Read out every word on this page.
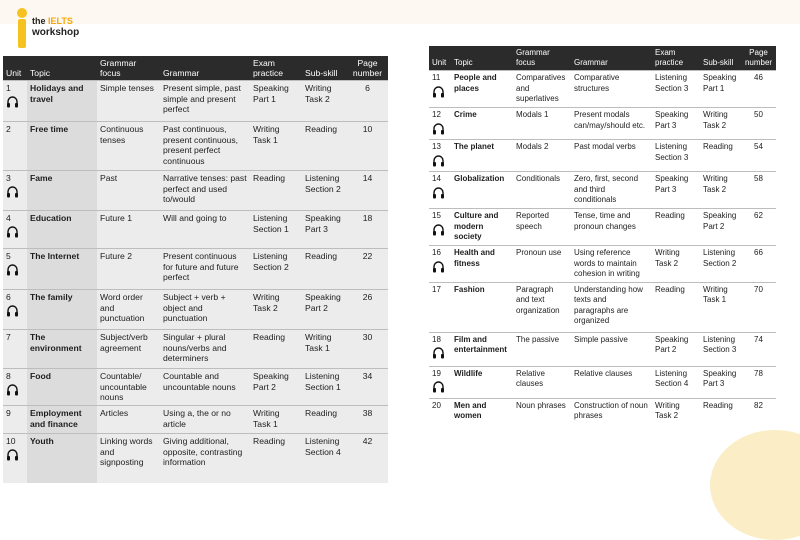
the IELTS
workshop
Unit	Topic	Grammar focus	Grammar	Exam practice	Sub-skill	Page number
1	Holidays and travel	Simple tenses	Present simple, past simple and present perfect	Speaking Part 1	Writing Task 2	6
2	Free time	Continuous tenses	Past continuous, present continuous, present perfect continuous	Writing Task 1	Reading	10
3	Fame	Past	Narrative tenses: past perfect and used to/would	Reading	Listening Section 2	14
4	Education	Future 1	Will and going to	Listening Section 1	Speaking Part 3	18
5	The Internet	Future 2	Present continuous for future and future perfect	Listening Section 2	Reading	22
6	The family	Word order and punctuation	Subject + verb + object and punctuation	Writing Task 2	Speaking Part 2	26
7	The environment	Subject/verb agreement	Singular + plural nouns/verbs and determiners	Reading	Writing Task 1	30
8	Food	Countable/ uncountable nouns	Countable and uncountable nouns	Speaking Part 2	Listening Section 1	34
9	Employment and finance	Articles	Using a, the or no article	Writing Task 1	Reading	38
10	Youth	Linking words and signposting	Giving additional, opposite, contrasting information	Reading	Listening Section 4	42
Unit	Topic	Grammar focus	Grammar	Exam practice	Sub-skill	Page number
11	People and places	Comparatives and superlatives	Comparative structures	Listening Section 3	Speaking Part 1	46
12	Crime	Modals 1	Present modals can/may/should etc.	Speaking Part 3	Writing Task 2	50
13	The planet	Modals 2	Past modal verbs	Listening Section 3	Reading	54
14	Globalization	Conditionals	Zero, first, second and third conditionals	Speaking Part 3	Writing Task 2	58
15	Culture and modern society	Reported speech	Tense, time and pronoun changes	Reading	Speaking Part 2	62
16	Health and fitness	Pronoun use	Using reference words to maintain cohesion in writing	Writing Task 2	Listening Section 2	66
17	Fashion	Paragraph and text organization	Understanding how texts and paragraphs are organized	Reading	Writing Task 1	70
18	Film and entertainment	The passive	Simple passive	Speaking Part 2	Listening Section 3	74
19	Wildlife	Relative clauses	Relative clauses	Listening Section 4	Speaking Part 3	78
20	Men and women	Noun phrases	Construction of noun phrases	Writing Task 2	Reading	82
